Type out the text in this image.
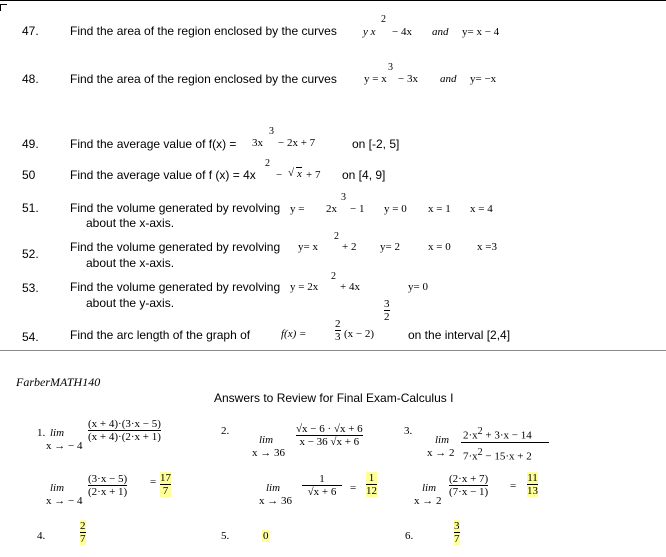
47.	Find the area of the region enclosed by the curves y x
2
− 4x and y= x − 4
48.	Find the area of the region enclosed by the curves y = x
3
− 3x and y= −x
49.	Find the average value of f(x) = 3x
3
− 2x + 7	on [-2, 5]
50	Find the average value of f (x) = 4x
2
− √ x + 7 on [4, 9]
51.	Find the volume generated by revolving y = 2x
3
− 1 y = 0 x = 1 x = 4
about the x-axis.
52.	Find the volume generated by revolving y= x
2
+ 2 y= 2	x = 0 x =3
about the x-axis.
53.	Find the volume generated by revolving y = 2x
2
+ 4x	y= 0
about the y-axis.
54.	Find the arc length of the graph of	f(x) =
2
3 (x − 2)
3
2
on the interval [2,4]
FarberMATH140
Answers to Review for Final Exam-Calculus I
1. lim
x → − 4
(x + 4)·(3·x − 5)
(x + 4)·(2·x + 1)
lim
x → − 4
(3·x − 5)
(2·x + 1)
= 17
7
2.
lim
x → 36
√x − 6 · √x + 6
x − 36 √x + 6
lim
x → 36
1
√x + 6 =
1
12
3.
lim
x → 2
$2\cdot x^2 + 3\cdot x - 14$
$7\cdot x^2 - 15\cdot x + 2$
lim
x → 2
(2·x + 7)
(7·x − 1) =
11
13
4.
2
7	5.	0	6.
3
7
